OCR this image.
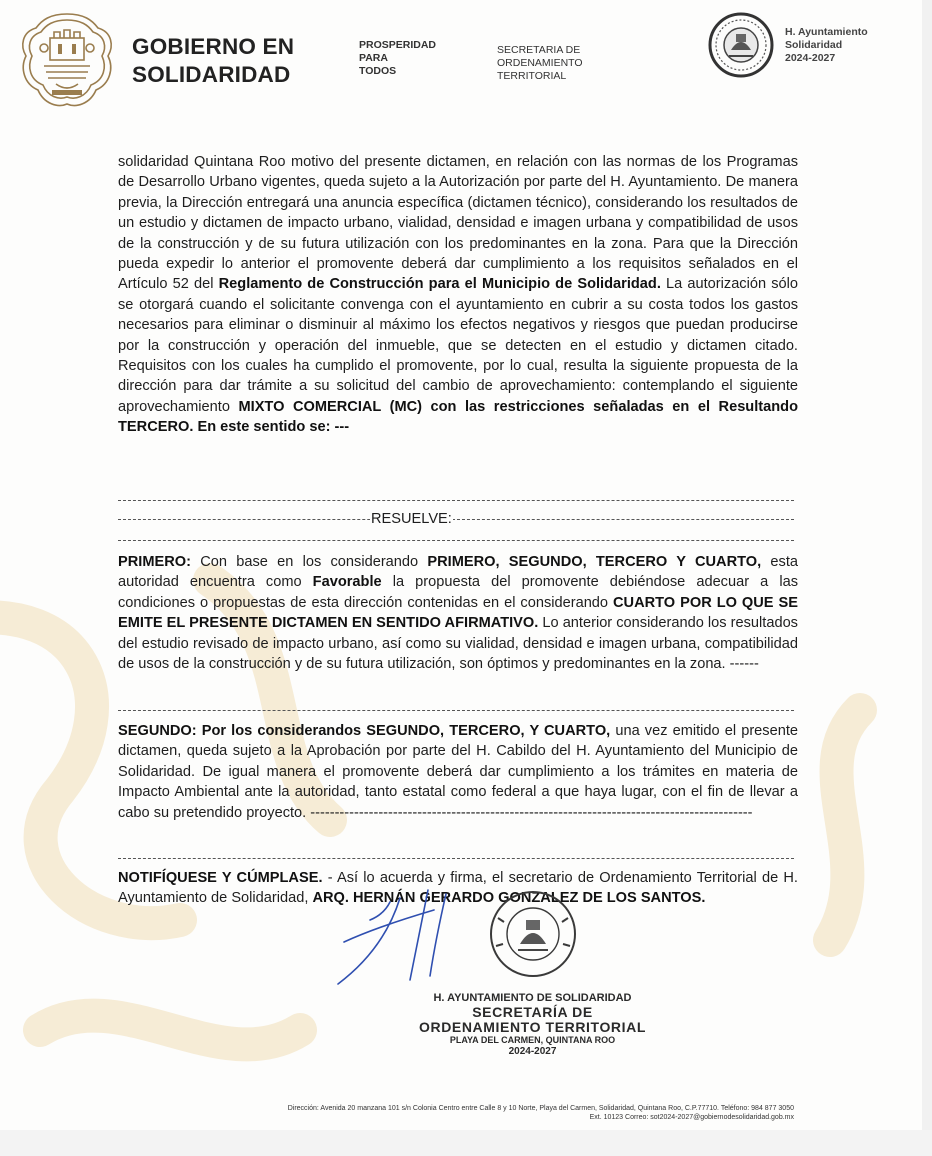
GOBIERNO EN
SOLIDARIDAD
PROSPERIDAD
PARA
TODOS
SECRETARIA DE
ORDENAMIENTO
TERRITORIAL
H. Ayuntamiento
Solidaridad
2024-2027

solidaridad Quintana Roo motivo del presente dictamen, en relación con las normas de los Programas de Desarrollo Urbano vigentes, queda sujeto a la Autorización por parte del H. Ayuntamiento. De manera previa, la Dirección entregará una anuncia específica (dictamen técnico), considerando los resultados de un estudio y dictamen de impacto urbano, vialidad, densidad e imagen urbana y compatibilidad de usos de la construcción y de su futura utilización con los predominantes en la zona. Para que la Dirección pueda expedir lo anterior el promovente deberá dar cumplimiento a los requisitos señalados en el Artículo 52 del Reglamento de Construcción para el Municipio de Solidaridad. La autorización sólo se otorgará cuando el solicitante convenga con el ayuntamiento en cubrir a su costa todos los gastos necesarios para eliminar o disminuir al máximo los efectos negativos y riesgos que puedan producirse por la construcción y operación del inmueble, que se detecten en el estudio y dictamen citado. Requisitos con los cuales ha cumplido el promovente, por lo cual, resulta la siguiente propuesta de la dirección para dar trámite a su solicitud del cambio de aprovechamiento: contemplando el siguiente aprovechamiento MIXTO COMERCIAL (MC) con las restricciones señaladas en el Resultando TERCERO. En este sentido se: ---

RESUELVE:

PRIMERO: Con base en los considerando PRIMERO, SEGUNDO, TERCERO Y CUARTO, esta autoridad encuentra como Favorable la propuesta del promovente debiéndose adecuar a las condiciones o propuestas de esta dirección contenidas en el considerando CUARTO POR LO QUE SE EMITE EL PRESENTE DICTAMEN EN SENTIDO AFIRMATIVO. Lo anterior considerando los resultados del estudio revisado de impacto urbano, así como su vialidad, densidad e imagen urbana, compatibilidad de usos de la construcción y de su futura utilización, son óptimos y predominantes en la zona. ------

SEGUNDO: Por los considerandos SEGUNDO, TERCERO, Y CUARTO, una vez emitido el presente dictamen, queda sujeto a la Aprobación por parte del H. Cabildo del H. Ayuntamiento del Municipio de Solidaridad. De igual manera el promovente deberá dar cumplimiento a los trámites en materia de Impacto Ambiental ante la autoridad, tanto estatal como federal a que haya lugar, con el fin de llevar a cabo su pretendido proyecto. -------------------------------------------------------------------------------------------

NOTIFÍQUESE Y CÚMPLASE. - Así lo acuerda y firma, el secretario de Ordenamiento Territorial de H. Ayuntamiento de Solidaridad, ARQ. HERNÁN GERARDO GONZALEZ DE LOS SANTOS.

H. AYUNTAMIENTO DE SOLIDARIDAD
SECRETARÍA DE
ORDENAMIENTO TERRITORIAL
PLAYA DEL CARMEN, QUINTANA ROO
2024-2027
Dirección: Avenida 20 manzana 101 s/n Colonia Centro entre Calle 8 y 10 Norte, Playa del Carmen, Solidaridad, Quintana Roo, C.P.77710. Teléfono: 984 877 3050
Ext. 10123 Correo: sot2024-2027@gobiernodesolidaridad.gob.mx
